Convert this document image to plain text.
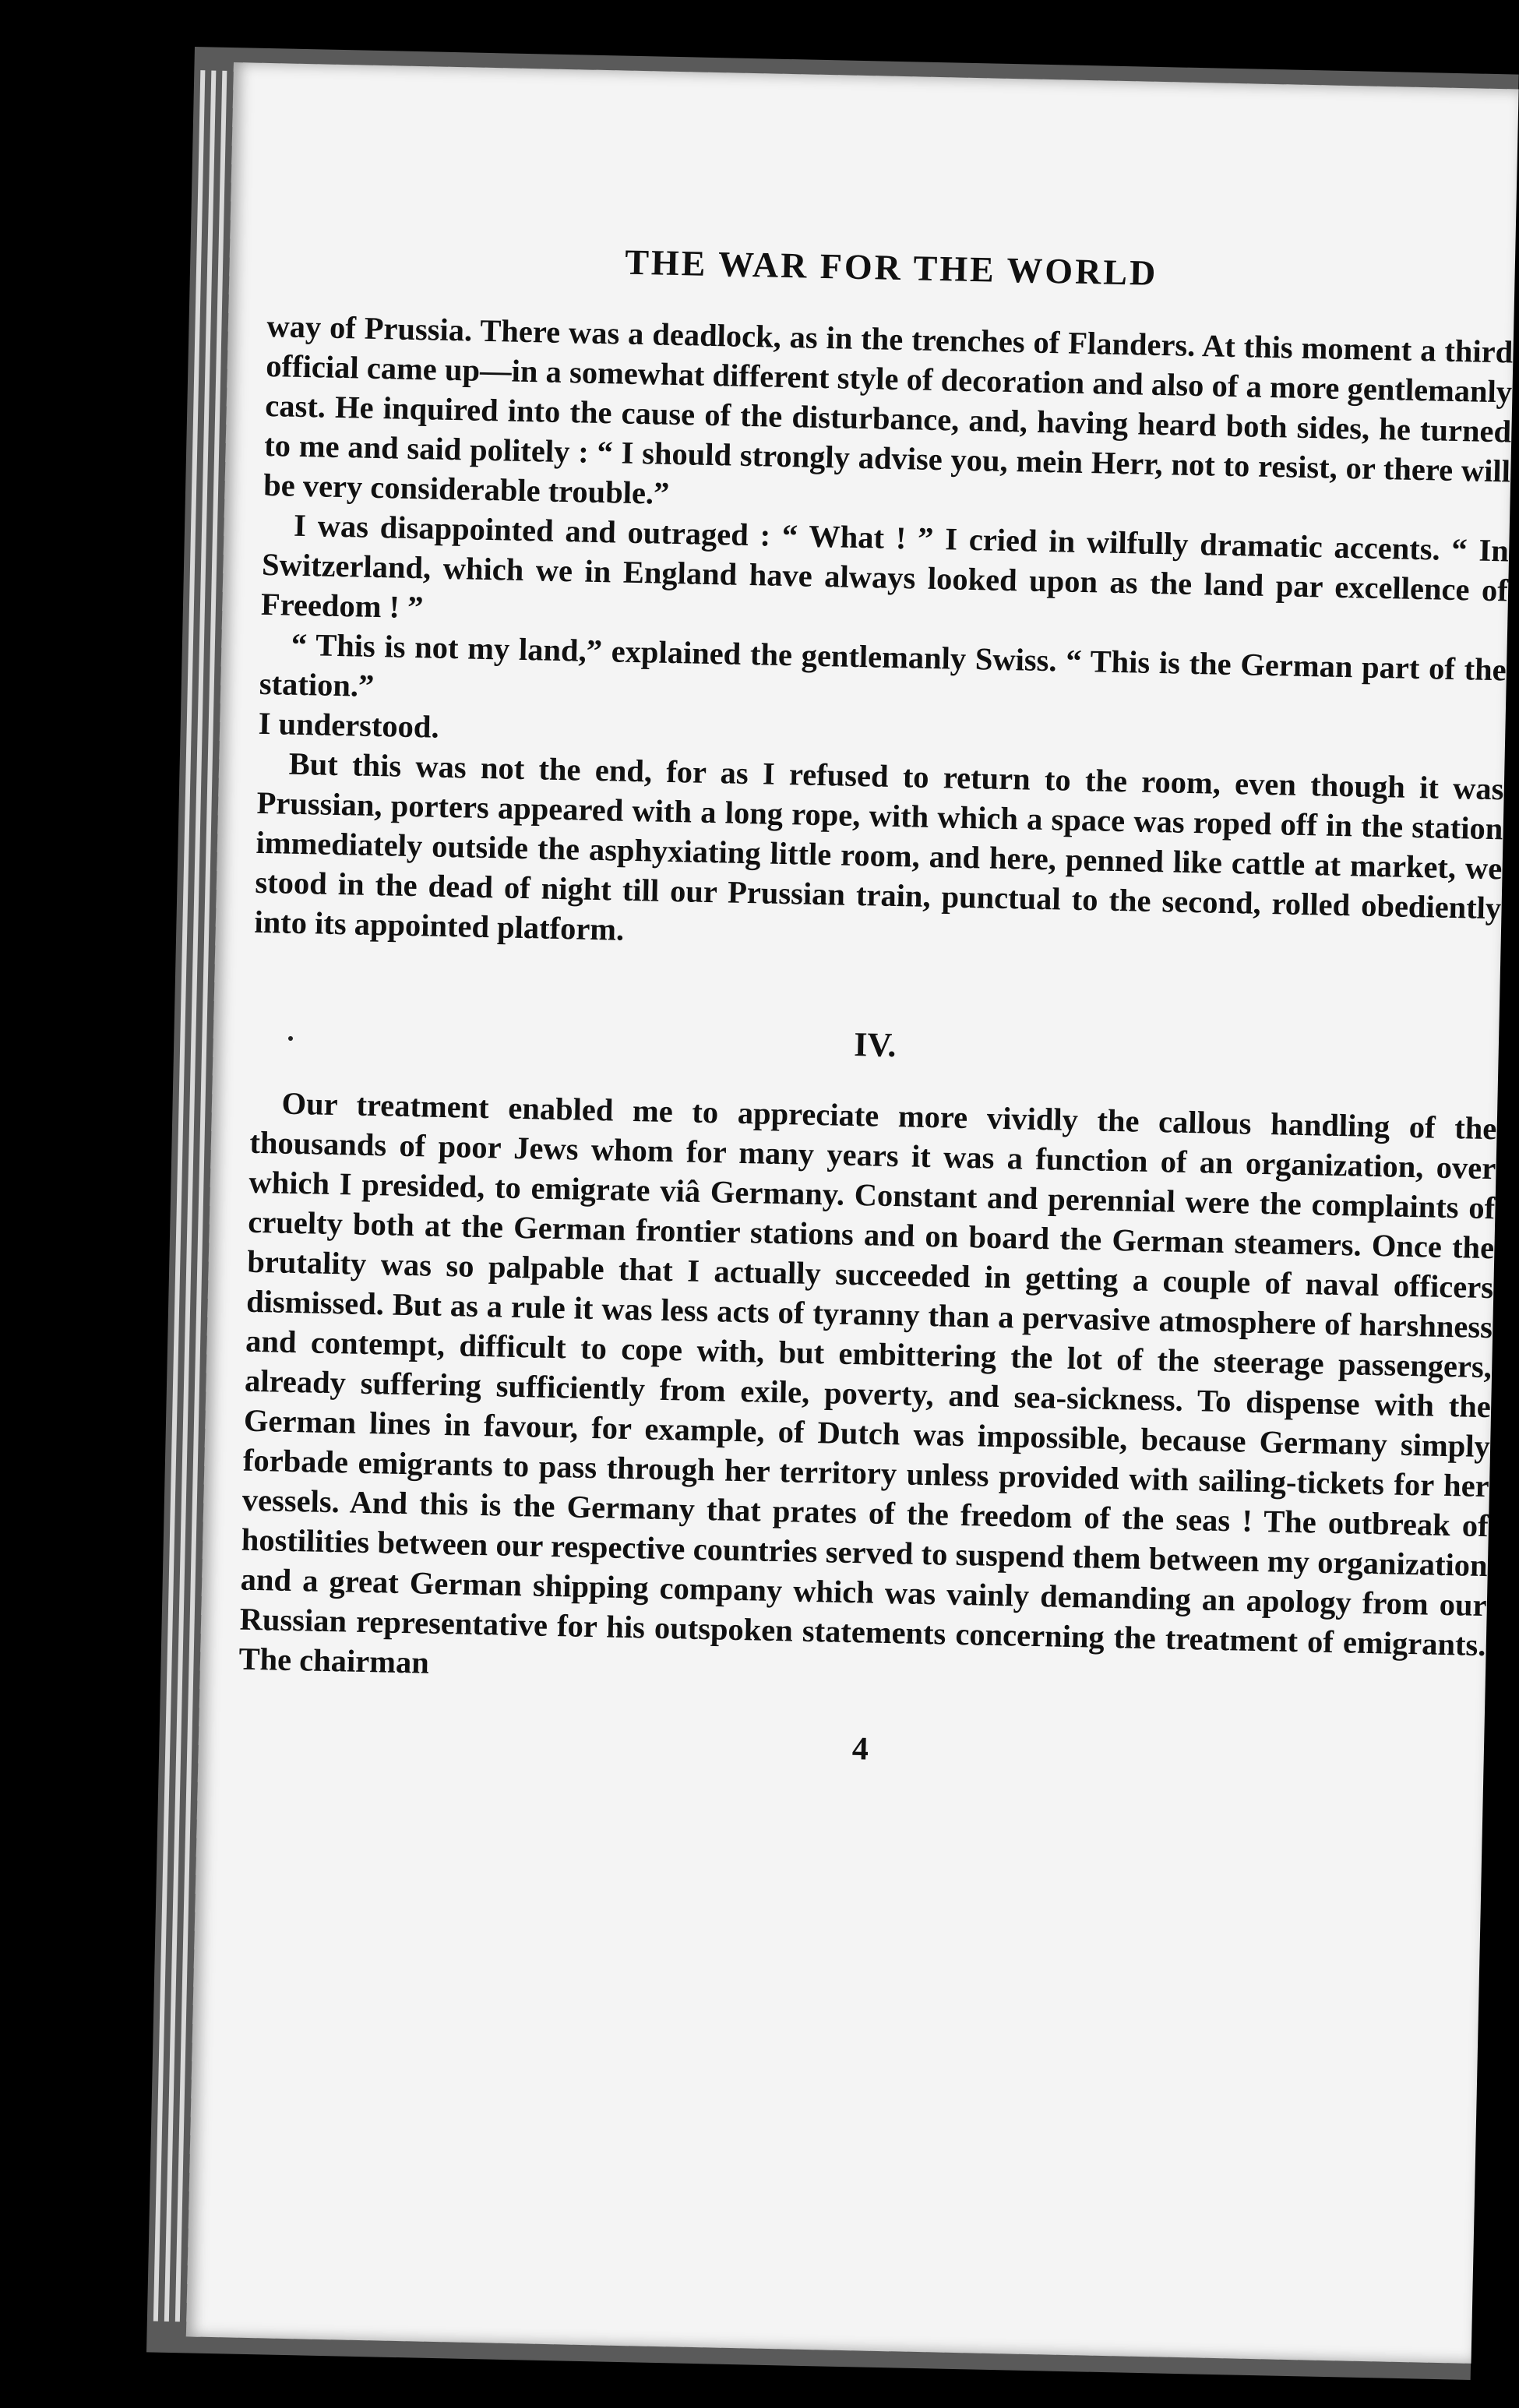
THE WAR FOR THE WORLD

way of Prussia. There was a deadlock, as in the trenches of Flanders. At this moment a third official came up—in a somewhat different style of decoration and also of a more gentlemanly cast. He inquired into the cause of the disturbance, and, having heard both sides, he turned to me and said politely : “ I should strongly advise you, mein Herr, not to resist, or there will be very considerable trouble.”

I was disappointed and outraged : “ What ! ” I cried in wilfully dramatic accents. “ In Switzerland, which we in England have always looked upon as the land par excellence of Freedom ! ”

“ This is not my land,” explained the gentlemanly Swiss. “ This is the German part of the station.”

I understood.

But this was not the end, for as I refused to return to the room, even though it was Prussian, porters appeared with a long rope, with which a space was roped off in the station immediately outside the asphyxiating little room, and here, penned like cattle at market, we stood in the dead of night till our Prussian train, punctual to the second, rolled obediently into its appointed platform.

IV.

Our treatment enabled me to appreciate more vividly the callous handling of the thousands of poor Jews whom for many years it was a function of an organization, over which I presided, to emigrate viâ Germany. Constant and perennial were the complaints of cruelty both at the German frontier stations and on board the German steamers. Once the brutality was so palpable that I actually succeeded in getting a couple of naval officers dismissed. But as a rule it was less acts of tyranny than a pervasive atmosphere of harshness and contempt, difficult to cope with, but embittering the lot of the steerage passengers, already suffering sufficiently from exile, poverty, and sea-sickness. To dispense with the German lines in favour, for example, of Dutch was impossible, because Germany simply forbade emigrants to pass through her territory unless provided with sailing-tickets for her vessels. And this is the Germany that prates of the freedom of the seas ! The outbreak of hostilities between our respective countries served to suspend them between my organization and a great German shipping company which was vainly demanding an apology from our Russian representative for his outspoken statements concerning the treatment of emigrants. The chairman

4
